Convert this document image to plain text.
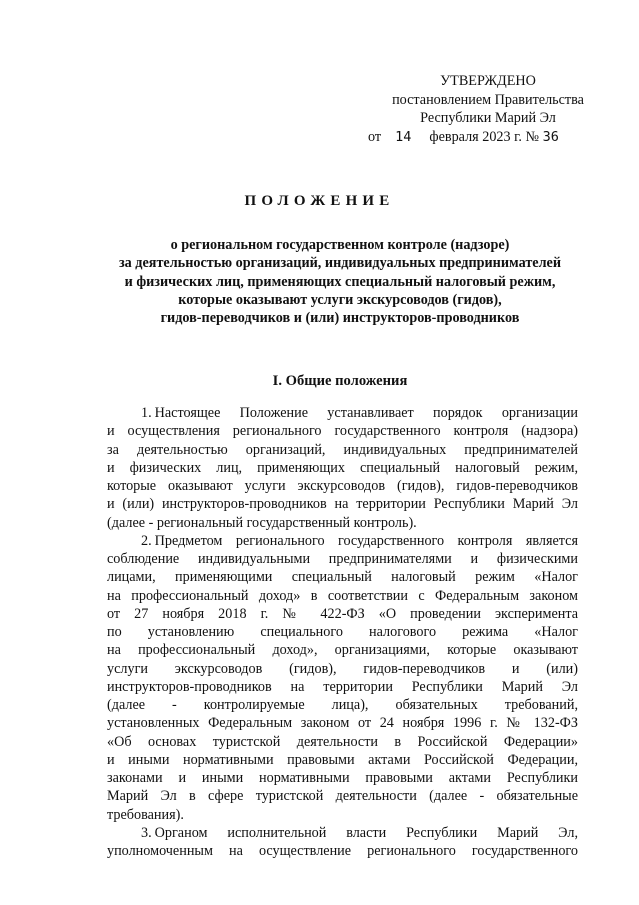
УТВЕРЖДЕНО
постановлением Правительства
Республики Марий Эл
от 14 февраля 2023 г. № 36
ПОЛОЖЕНИЕ
о региональном государственном контроле (надзоре)
за деятельностью организаций, индивидуальных предпринимателей
и физических лиц, применяющих специальный налоговый режим,
которые оказывают услуги экскурсоводов (гидов),
гидов-переводчиков и (или) инструкторов-проводников
I. Общие положения
1. Настоящее Положение устанавливает порядок организации
и осуществления регионального государственного контроля (надзора)
за деятельностью организаций, индивидуальных предпринимателей
и физических лиц, применяющих специальный налоговый режим,
которые оказывают услуги экскурсоводов (гидов), гидов-переводчиков
и (или) инструкторов-проводников на территории Республики Марий Эл
(далее - региональный государственный контроль).
2. Предметом регионального государственного контроля является
соблюдение индивидуальными предпринимателями и физическими
лицами, применяющими специальный налоговый режим «Налог
на профессиональный доход» в соответствии с Федеральным законом
от 27 ноября 2018 г. № 422-ФЗ «О проведении эксперимента
по установлению специального налогового режима «Налог
на профессиональный доход», организациями, которые оказывают
услуги экскурсоводов (гидов), гидов-переводчиков и (или)
инструкторов-проводников на территории Республики Марий Эл
(далее - контролируемые лица), обязательных требований,
установленных Федеральным законом от 24 ноября 1996 г. № 132-ФЗ
«Об основах туристской деятельности в Российской Федерации»
и иными нормативными правовыми актами Российской Федерации,
законами и иными нормативными правовыми актами Республики
Марий Эл в сфере туристской деятельности (далее - обязательные
требования).
3. Органом исполнительной власти Республики Марий Эл,
уполномоченным на осуществление регионального государственного
